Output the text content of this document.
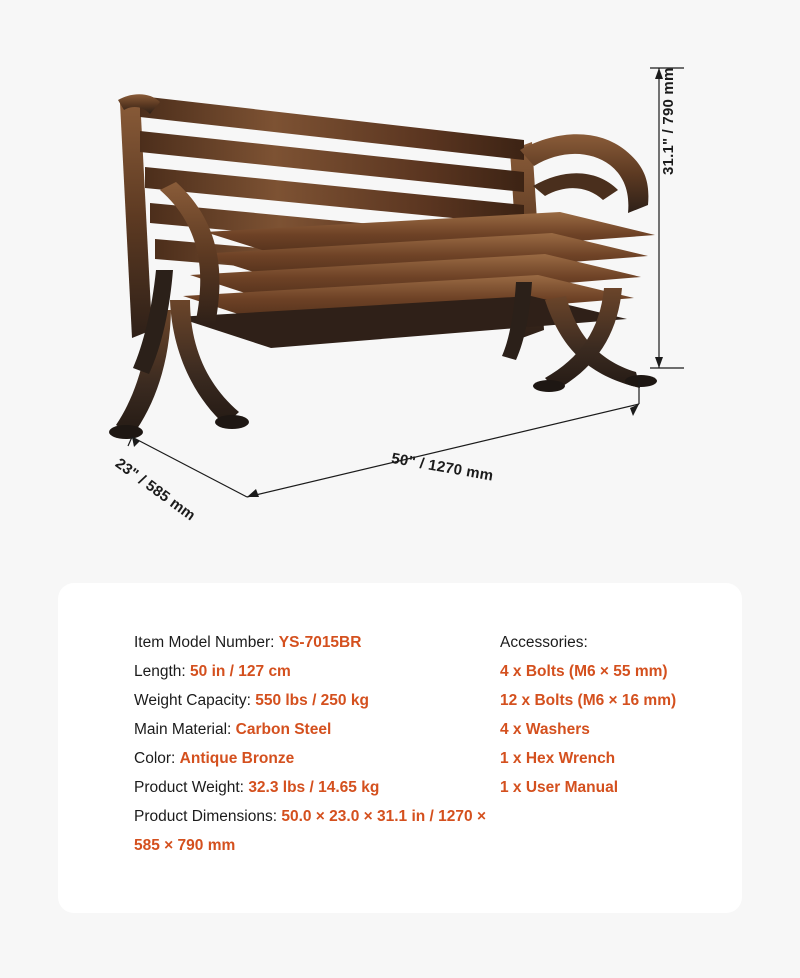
31.1" / 790 mm
50" / 1270 mm
23" / 585 mm
Item Model Number: YS-7015BR
Length: 50 in / 127 cm
Weight Capacity: 550 lbs / 250 kg
Main Material: Carbon Steel
Color: Antique Bronze
Product Weight: 32.3 lbs / 14.65 kg
Product Dimensions: 50.0 × 23.0 × 31.1 in / 1270 × 585 × 790 mm
Accessories:
4 x Bolts (M6 × 55 mm)
12 x Bolts (M6 × 16 mm)
4 x Washers
1 x Hex Wrench
1 x User Manual
